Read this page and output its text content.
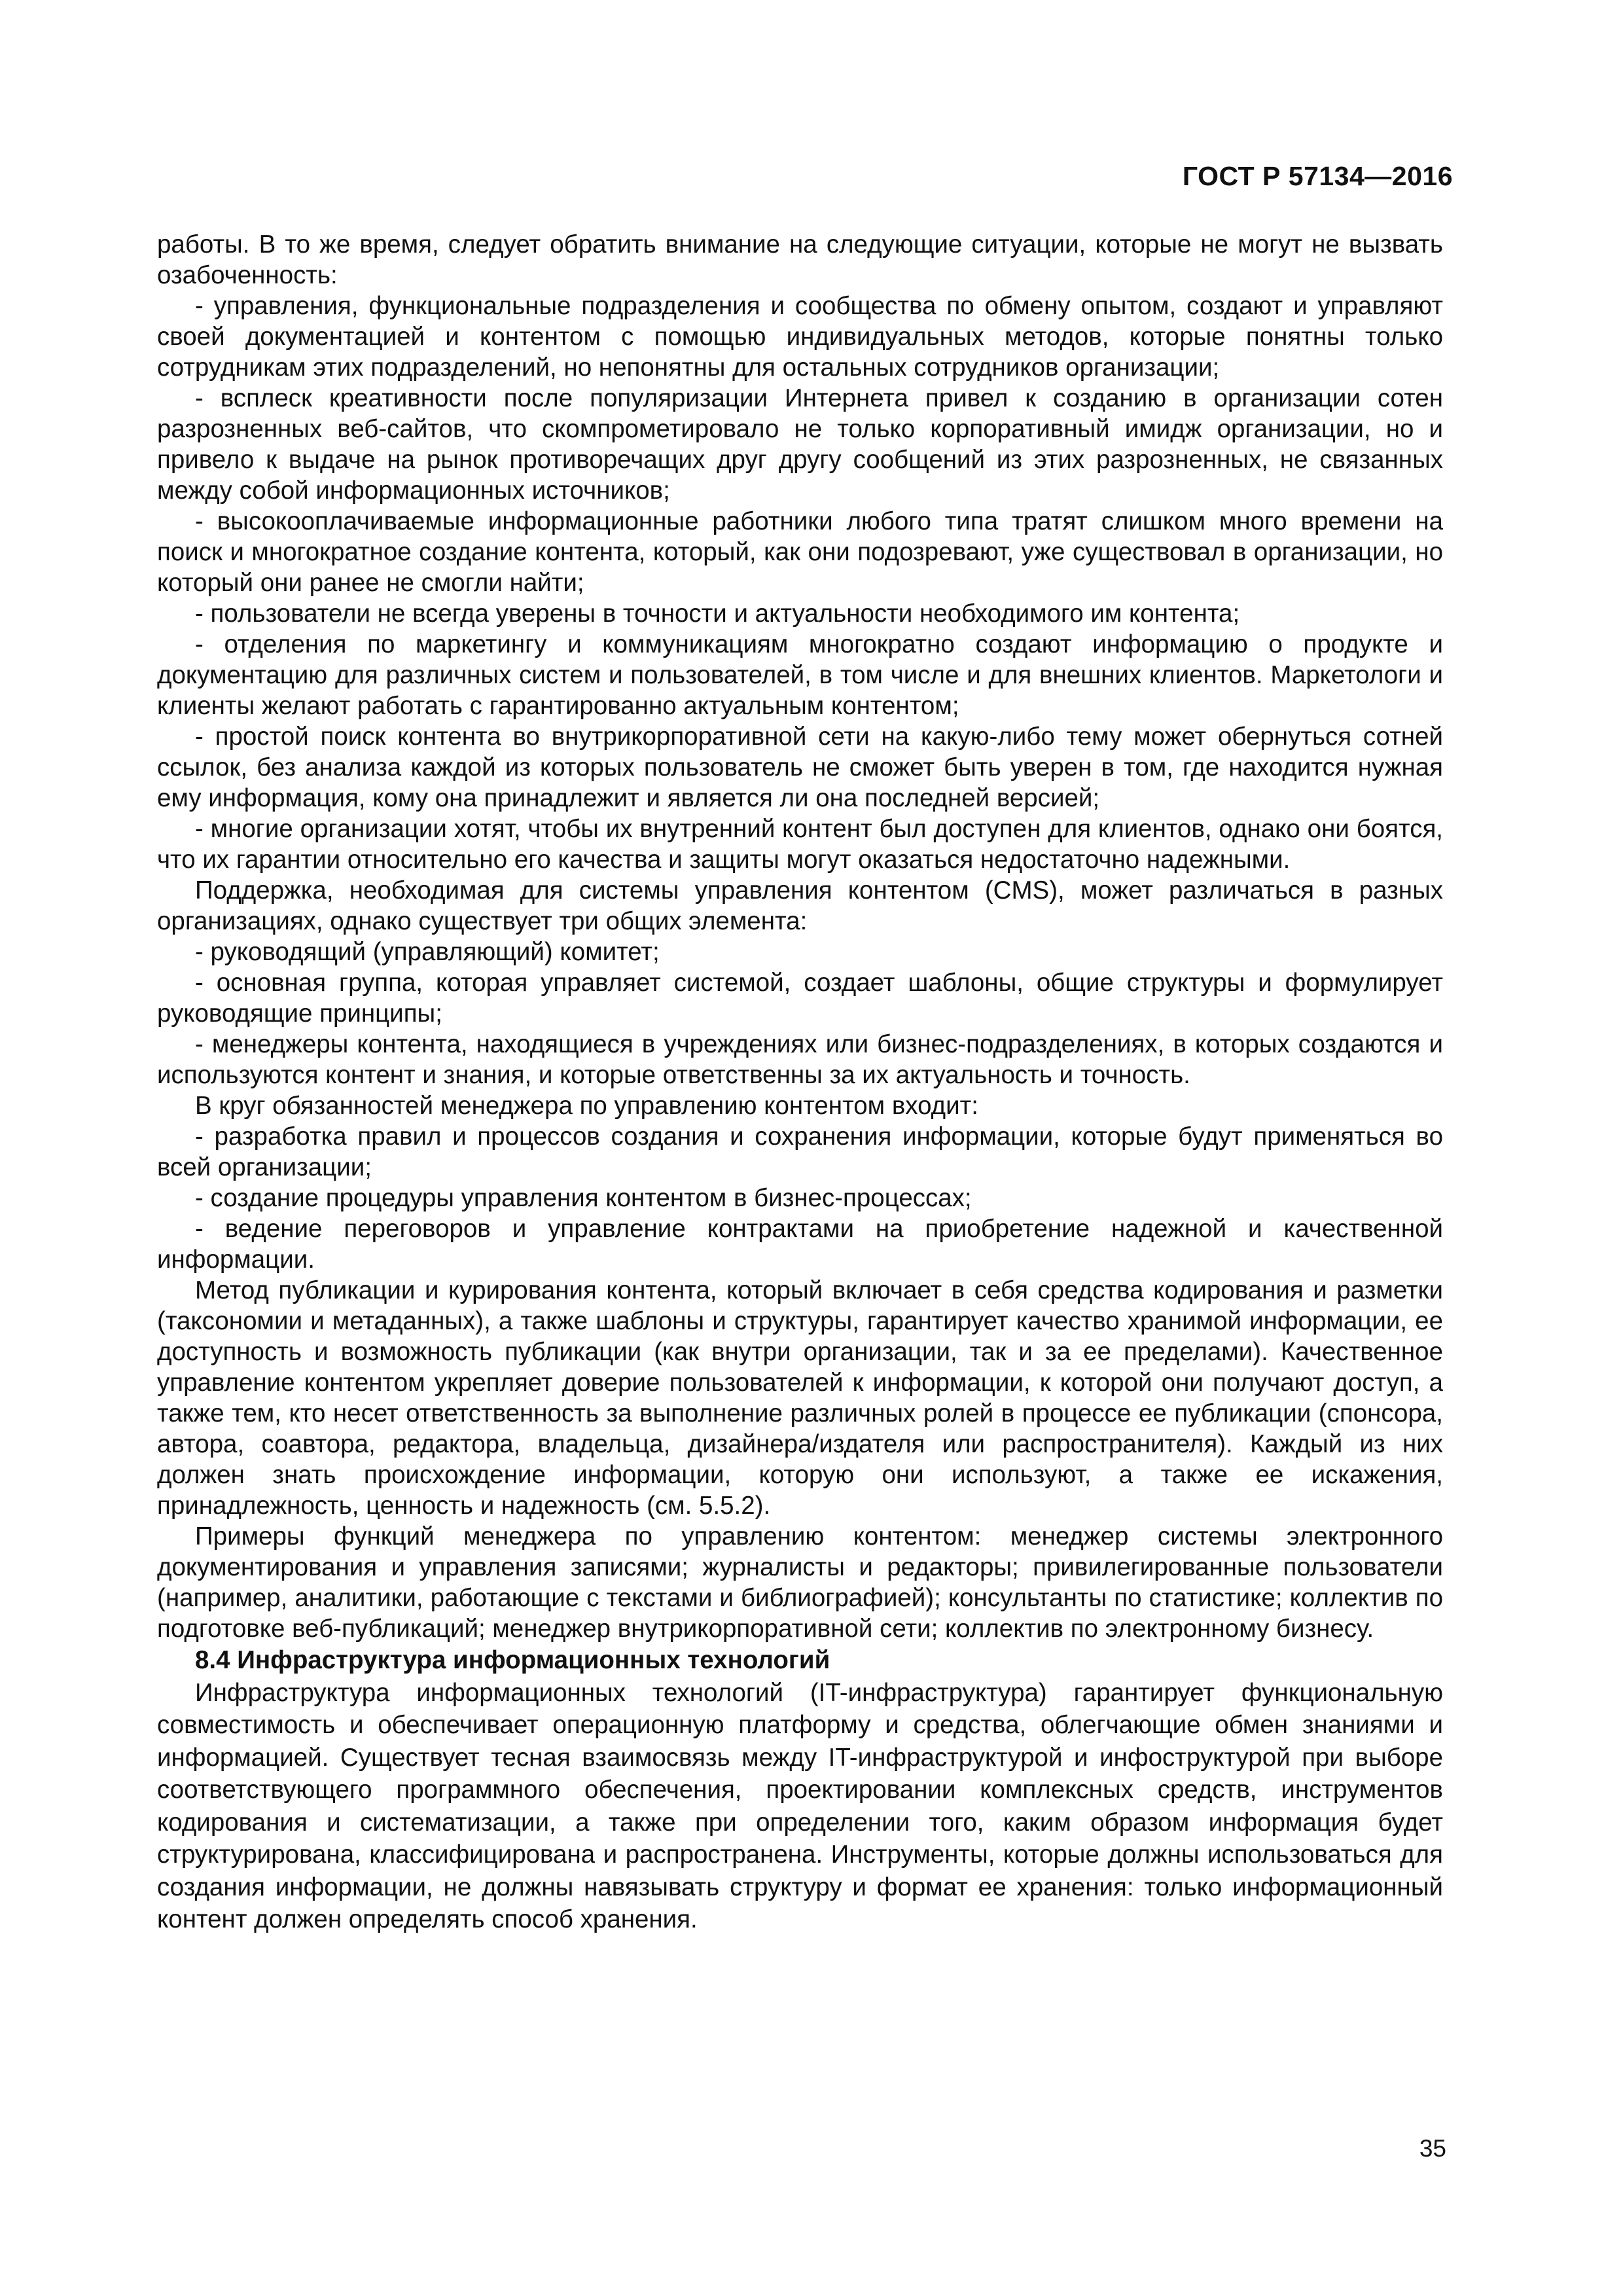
ГОСТ Р 57134—2016

работы. В то же время, следует обратить внимание на следующие ситуации, которые не могут не вызвать озабоченность:

- управления, функциональные подразделения и сообщества по обмену опытом, создают и управляют своей документацией и контентом с помощью индивидуальных методов, которые понятны только сотрудникам этих подразделений, но непонятны для остальных сотрудников организации;

- всплеск креативности после популяризации Интернета привел к созданию в организации сотен разрозненных веб-сайтов, что скомпрометировало не только корпоративный имидж организации, но и привело к выдаче на рынок противоречащих друг другу сообщений из этих разрозненных, не связанных между собой информационных источников;

- высокооплачиваемые информационные работники любого типа тратят слишком много времени на поиск и многократное создание контента, который, как они подозревают, уже существовал в организации, но который они ранее не смогли найти;

- пользователи не всегда уверены в точности и актуальности необходимого им контента;

- отделения по маркетингу и коммуникациям многократно создают информацию о продукте и документацию для различных систем и пользователей, в том числе и для внешних клиентов. Маркетологи и клиенты желают работать с гарантированно актуальным контентом;

- простой поиск контента во внутрикорпоративной сети на какую-либо тему может обернуться сотней ссылок, без анализа каждой из которых пользователь не сможет быть уверен в том, где находится нужная ему информация, кому она принадлежит и является ли она последней версией;

- многие организации хотят, чтобы их внутренний контент был доступен для клиентов, однако они боятся, что их гарантии относительно его качества и защиты могут оказаться недостаточно надежными.

Поддержка, необходимая для системы управления контентом (CMS), может различаться в разных организациях, однако существует три общих элемента:

- руководящий (управляющий) комитет;

- основная группа, которая управляет системой, создает шаблоны, общие структуры и формулирует руководящие принципы;

- менеджеры контента, находящиеся в учреждениях или бизнес-подразделениях, в которых создаются и используются контент и знания, и которые ответственны за их актуальность и точность.

В круг обязанностей менеджера по управлению контентом входит:

- разработка правил и процессов создания и сохранения информации, которые будут применяться во всей организации;

- создание процедуры управления контентом в бизнес-процессах;

- ведение переговоров и управление контрактами на приобретение надежной и качественной информации.

Метод публикации и курирования контента, который включает в себя средства кодирования и разметки (таксономии и метаданных), а также шаблоны и структуры, гарантирует качество хранимой информации, ее доступность и возможность публикации (как внутри организации, так и за ее пределами). Качественное управление контентом укрепляет доверие пользователей к информации, к которой они получают доступ, а также тем, кто несет ответственность за выполнение различных ролей в процессе ее публикации (спонсора, автора, соавтора, редактора, владельца, дизайнера/издателя или распространителя). Каждый из них должен знать происхождение информации, которую они используют, а также ее искажения, принадлежность, ценность и надежность (см. 5.5.2).

Примеры функций менеджера по управлению контентом: менеджер системы электронного документирования и управления записями; журналисты и редакторы; привилегированные пользователи (например, аналитики, работающие с текстами и библиографией); консультанты по статистике; коллектив по подготовке веб-публикаций; менеджер внутрикорпоративной сети; коллектив по электронному бизнесу.

8.4 Инфраструктура информационных технологий

Инфраструктура информационных технологий (IT-инфраструктура) гарантирует функциональную совместимость и обеспечивает операционную платформу и средства, облегчающие обмен знаниями и информацией. Существует тесная взаимосвязь между IT-инфраструктурой и инфоструктурой при выборе соответствующего программного обеспечения, проектировании комплексных средств, инструментов кодирования и систематизации, а также при определении того, каким образом информация будет структурирована, классифицирована и распространена. Инструменты, которые должны использоваться для создания информации, не должны навязывать структуру и формат ее хранения: только информационный контент должен определять способ хранения.

35
